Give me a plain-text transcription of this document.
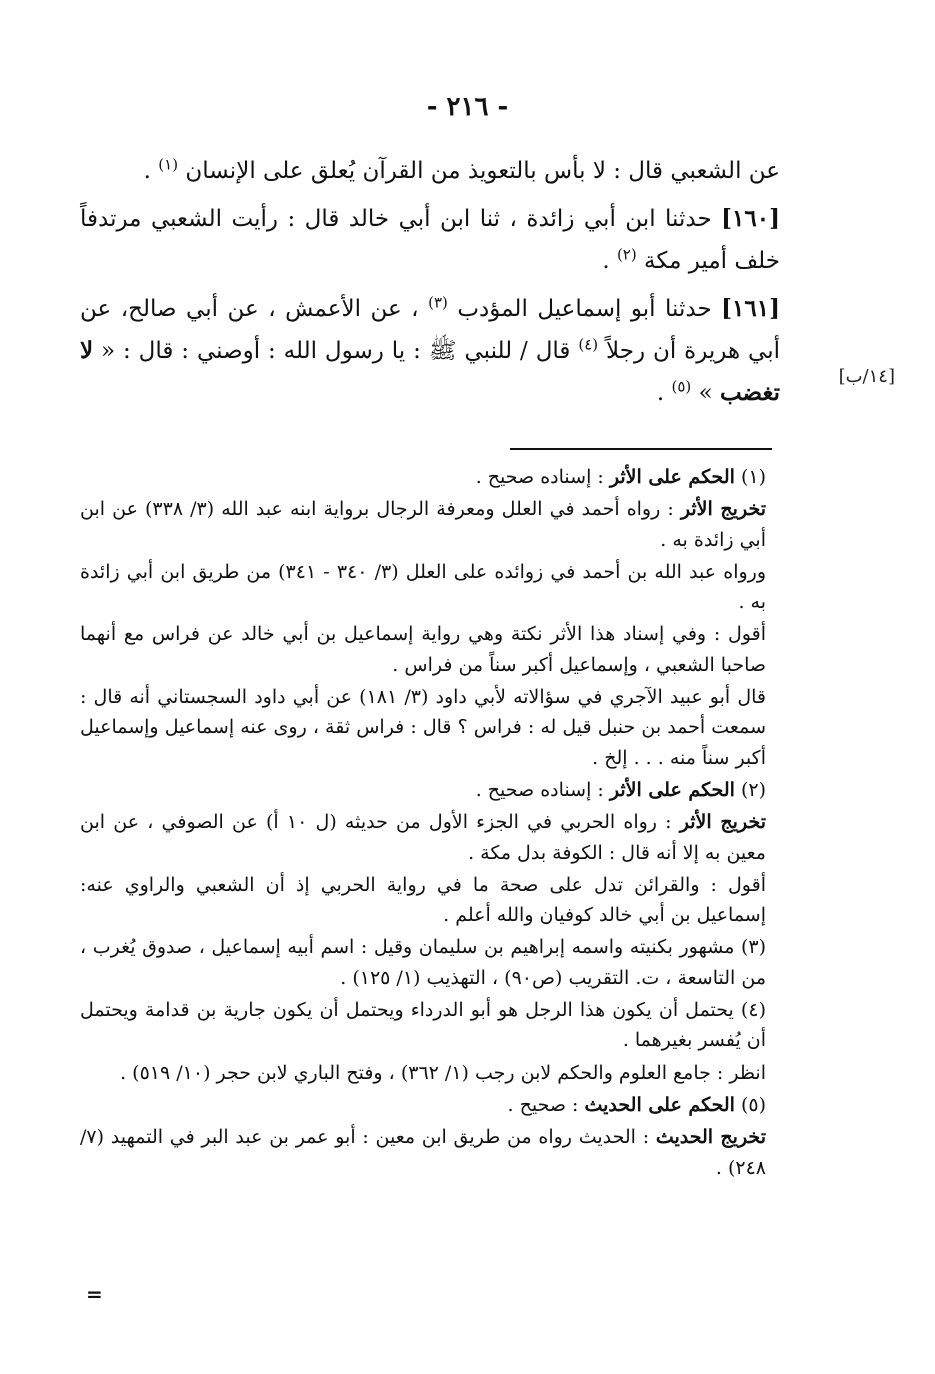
- ٢١٦ -

عن الشعبي قال : لا بأس بالتعويذ من القرآن يُعلق على الإنسان $^{(١)}$ .

[١٦٠] حدثنا ابن أبي زائدة ، ثنا ابن أبي خالد قال : رأيت الشعبي مرتدفاً خلف أمير مكة $^{(٢)}$ .

[١٦١] حدثنا أبو إسماعيل المؤدب $^{(٣)}$ ، عن الأعمش ، عن أبي صالح، عن أبي هريرة أن رجلاً $^{(٤)}$ قال / للنبي ﷺ : يا رسول الله : أوصني : قال : « لا تغضب » $^{(٥)}$ .

[١٤/ب]
(١) الحكم على الأثر : إسناده صحيح .
تخريج الأثر : رواه أحمد في العلل ومعرفة الرجال برواية ابنه عبد الله (٣/ ٣٣٨) عن ابن أبي زائدة به .
ورواه عبد الله بن أحمد في زوائده على العلل (٣/ ٣٤٠ - ٣٤١) من طريق ابن أبي زائدة به .
أقول : وفي إسناد هذا الأثر نكتة وهي رواية إسماعيل بن أبي خالد عن فراس مع أنهما صاحبا الشعبي ، وإسماعيل أكبر سناً من فراس .
قال أبو عبيد الآجري في سؤالاته لأبي داود (٣/ ١٨١) عن أبي داود السجستاني أنه قال : سمعت أحمد بن حنبل قيل له : فراس ؟ قال : فراس ثقة ، روى عنه إسماعيل وإسماعيل أكبر سناً منه . . . إلخ .
(٢) الحكم على الأثر : إسناده صحيح .
تخريج الأثر : رواه الحربي في الجزء الأول من حديثه (ل ١٠ أ) عن الصوفي ، عن ابن معين به إلا أنه قال : الكوفة بدل مكة .
أقول : والقرائن تدل على صحة ما في رواية الحربي إذ أن الشعبي والراوي عنه: إسماعيل بن أبي خالد كوفيان والله أعلم .
(٣) مشهور بكنيته واسمه إبراهيم بن سليمان وقيل : اسم أبيه إسماعيل ، صدوق يُغرب ، من التاسعة ، ت. التقريب (ص٩٠) ، التهذيب (١/ ١٢٥) .
(٤) يحتمل أن يكون هذا الرجل هو أبو الدرداء ويحتمل أن يكون جارية بن قدامة ويحتمل أن يُفسر بغيرهما .
انظر : جامع العلوم والحكم لابن رجب (١/ ٣٦٢) ، وفتح الباري لابن حجر (١٠/ ٥١٩) .
(٥) الحكم على الحديث : صحيح .
تخريج الحديث : الحديث رواه من طريق ابن معين : أبو عمر بن عبد البر في التمهيد (٧/ ٢٤٨) .
=
